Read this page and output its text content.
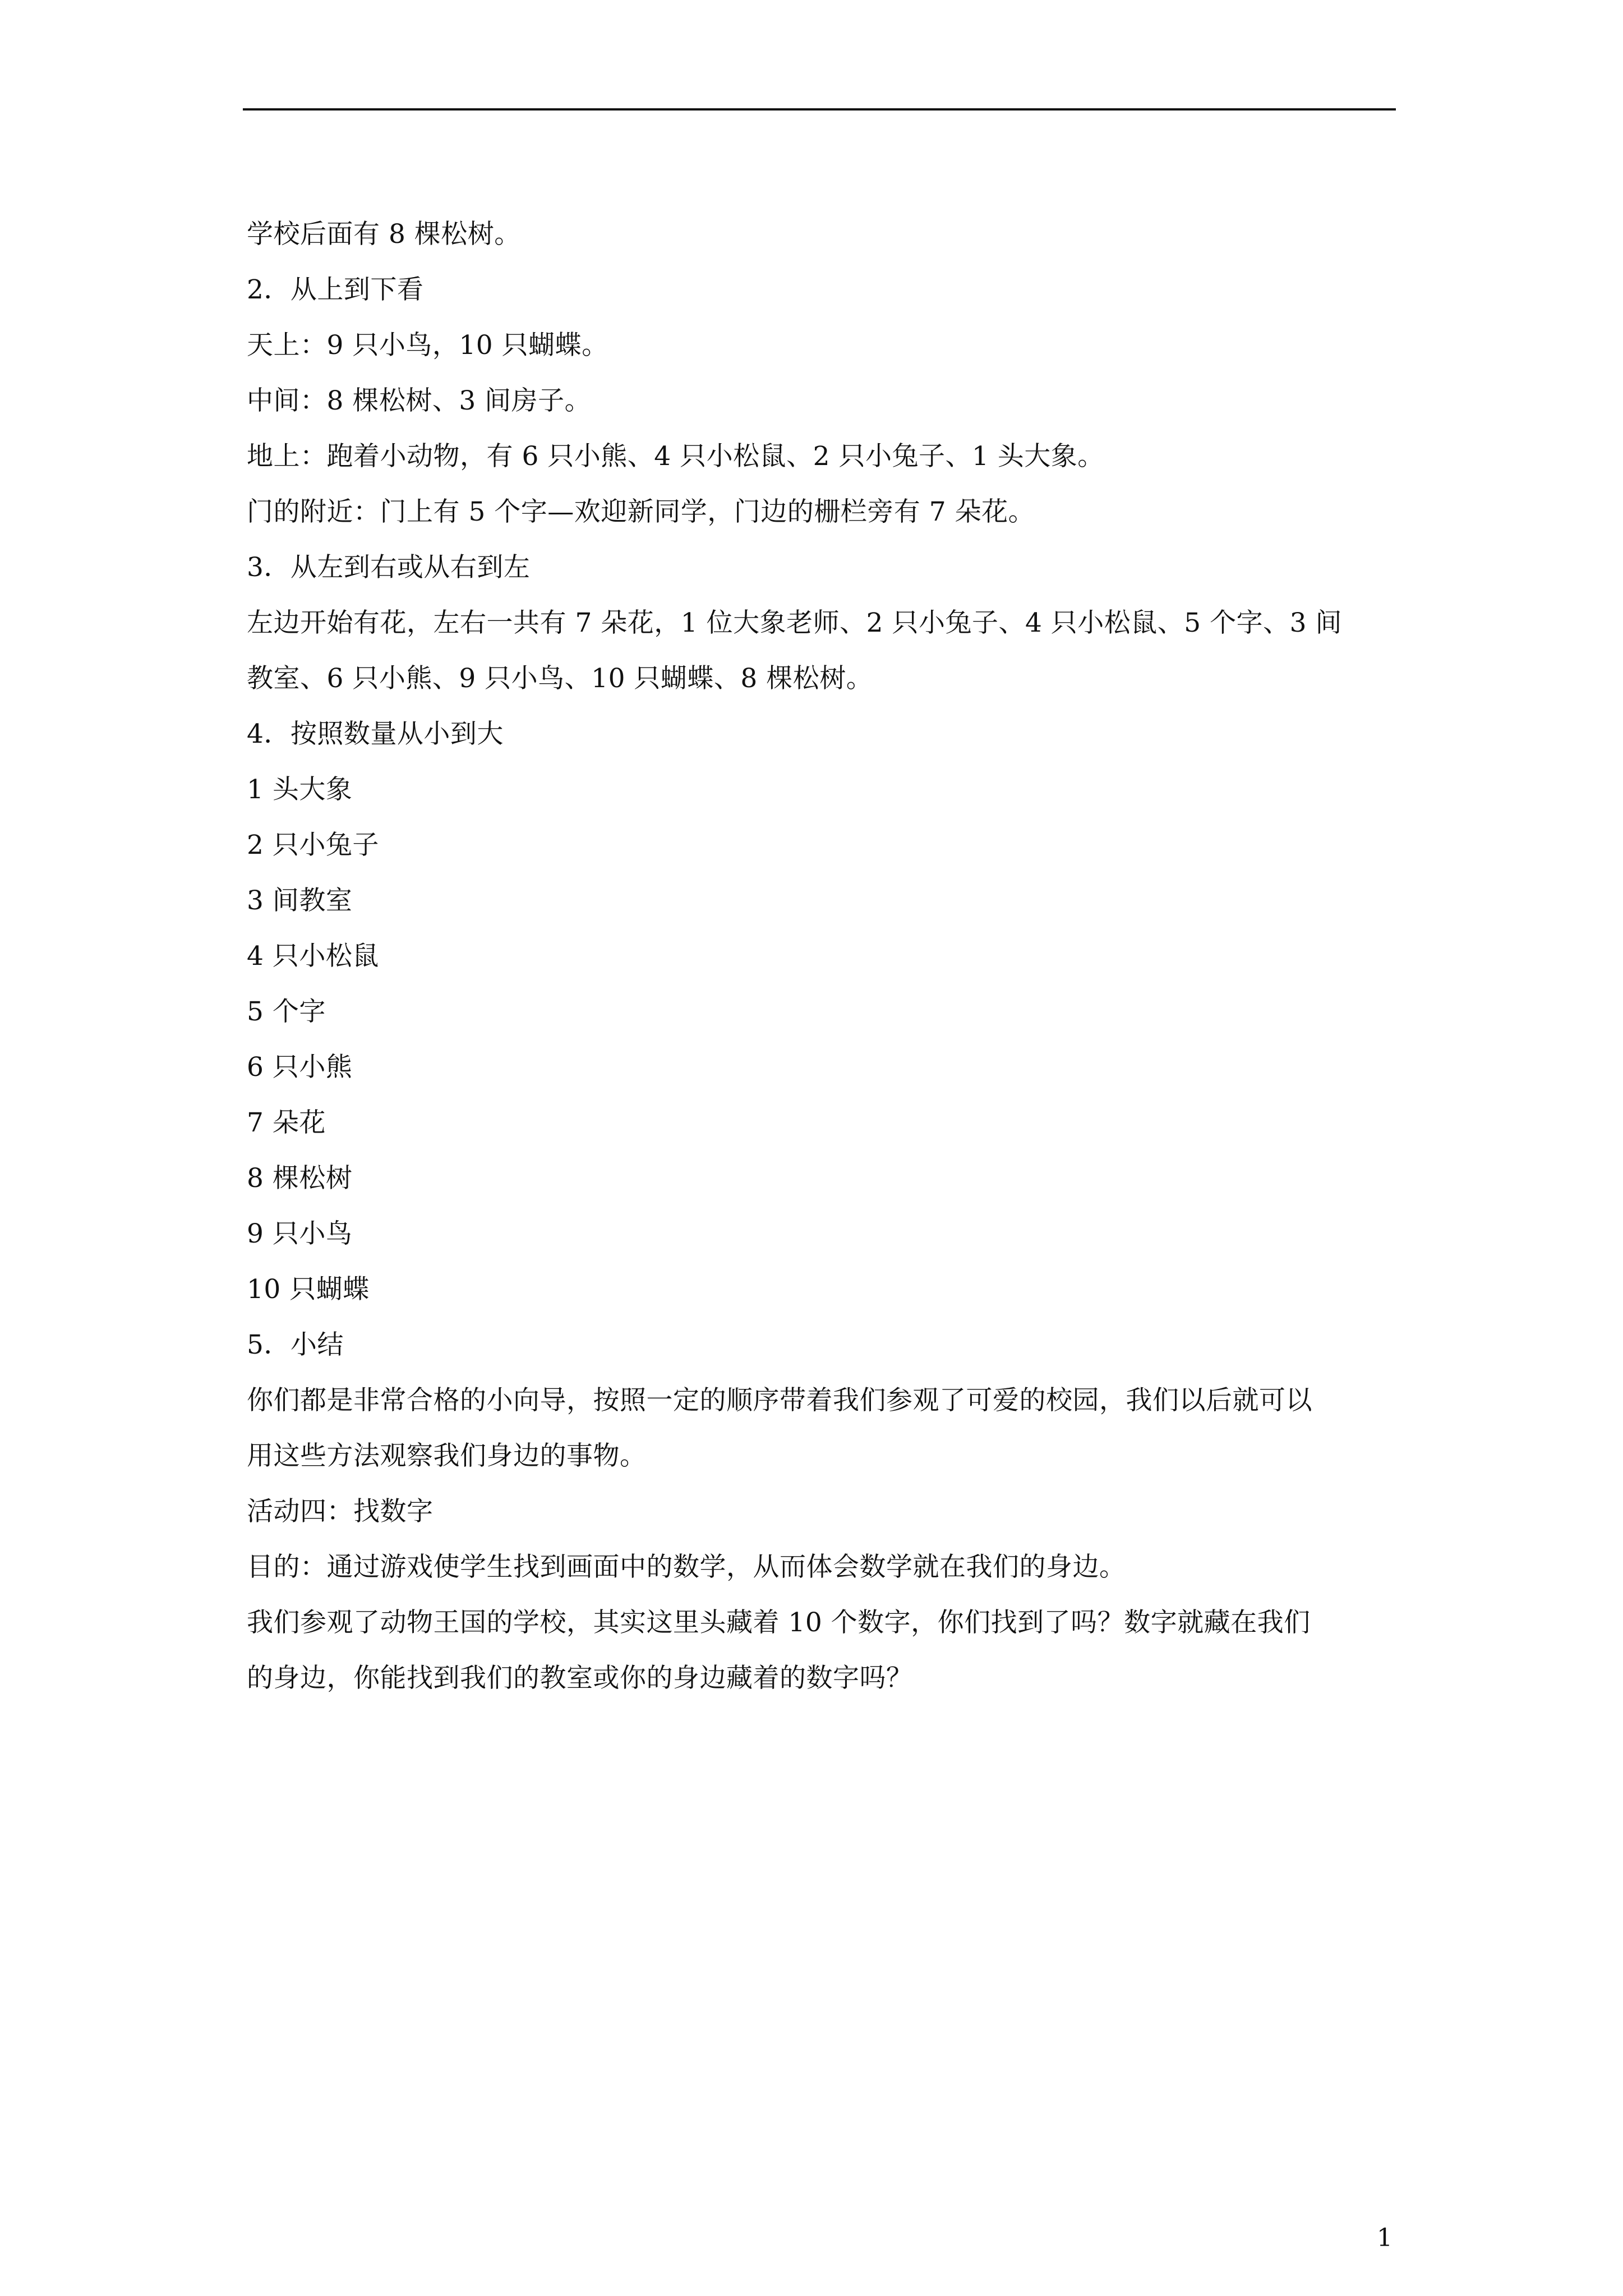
学校后面有 8 棵松树。
2．从上到下看
天上：9 只小鸟，10 只蝴蝶。
中间：8 棵松树、3 间房子。
地上：跑着小动物，有 6 只小熊、4 只小松鼠、2 只小兔子、1 头大象。
门的附近：门上有 5 个字—欢迎新同学，门边的栅栏旁有 7 朵花。
3．从左到右或从右到左
左边开始有花，左右一共有 7 朵花，1 位大象老师、2 只小兔子、4 只小松鼠、5 个字、3 间
教室、6 只小熊、9 只小鸟、10 只蝴蝶、8 棵松树。
4．按照数量从小到大
1 头大象
2 只小兔子
3 间教室
4 只小松鼠
5 个字
6 只小熊
7 朵花
8 棵松树
9 只小鸟
10 只蝴蝶
5．小结
你们都是非常合格的小向导，按照一定的顺序带着我们参观了可爱的校园，我们以后就可以
用这些方法观察我们身边的事物。
活动四：找数字
目的：通过游戏使学生找到画面中的数学，从而体会数学就在我们的身边。
我们参观了动物王国的学校，其实这里头藏着 10 个数字，你们找到了吗？数字就藏在我们
的身边，你能找到我们的教室或你的身边藏着的数字吗？
1
